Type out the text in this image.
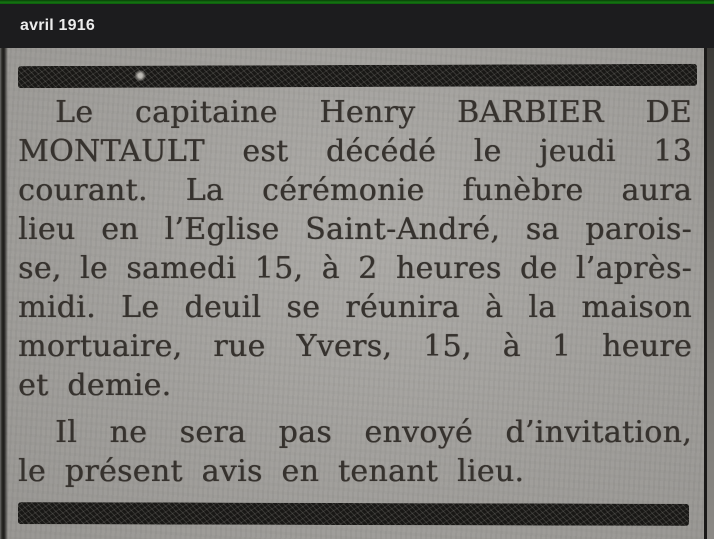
avril 1916
Le capitaine Henry BARBIER DE
MONTAULT est décédé le jeudi 13
courant. La cérémonie funèbre aura
lieu en l’Eglise Saint-André, sa parois-
se, le samedi 15, à 2 heures de l’après-
midi. Le deuil se réunira à la maison
mortuaire, rue Yvers, 15, à 1 heure
et demie.
Il ne sera pas envoyé d’invitation,
le présent avis en tenant lieu.
